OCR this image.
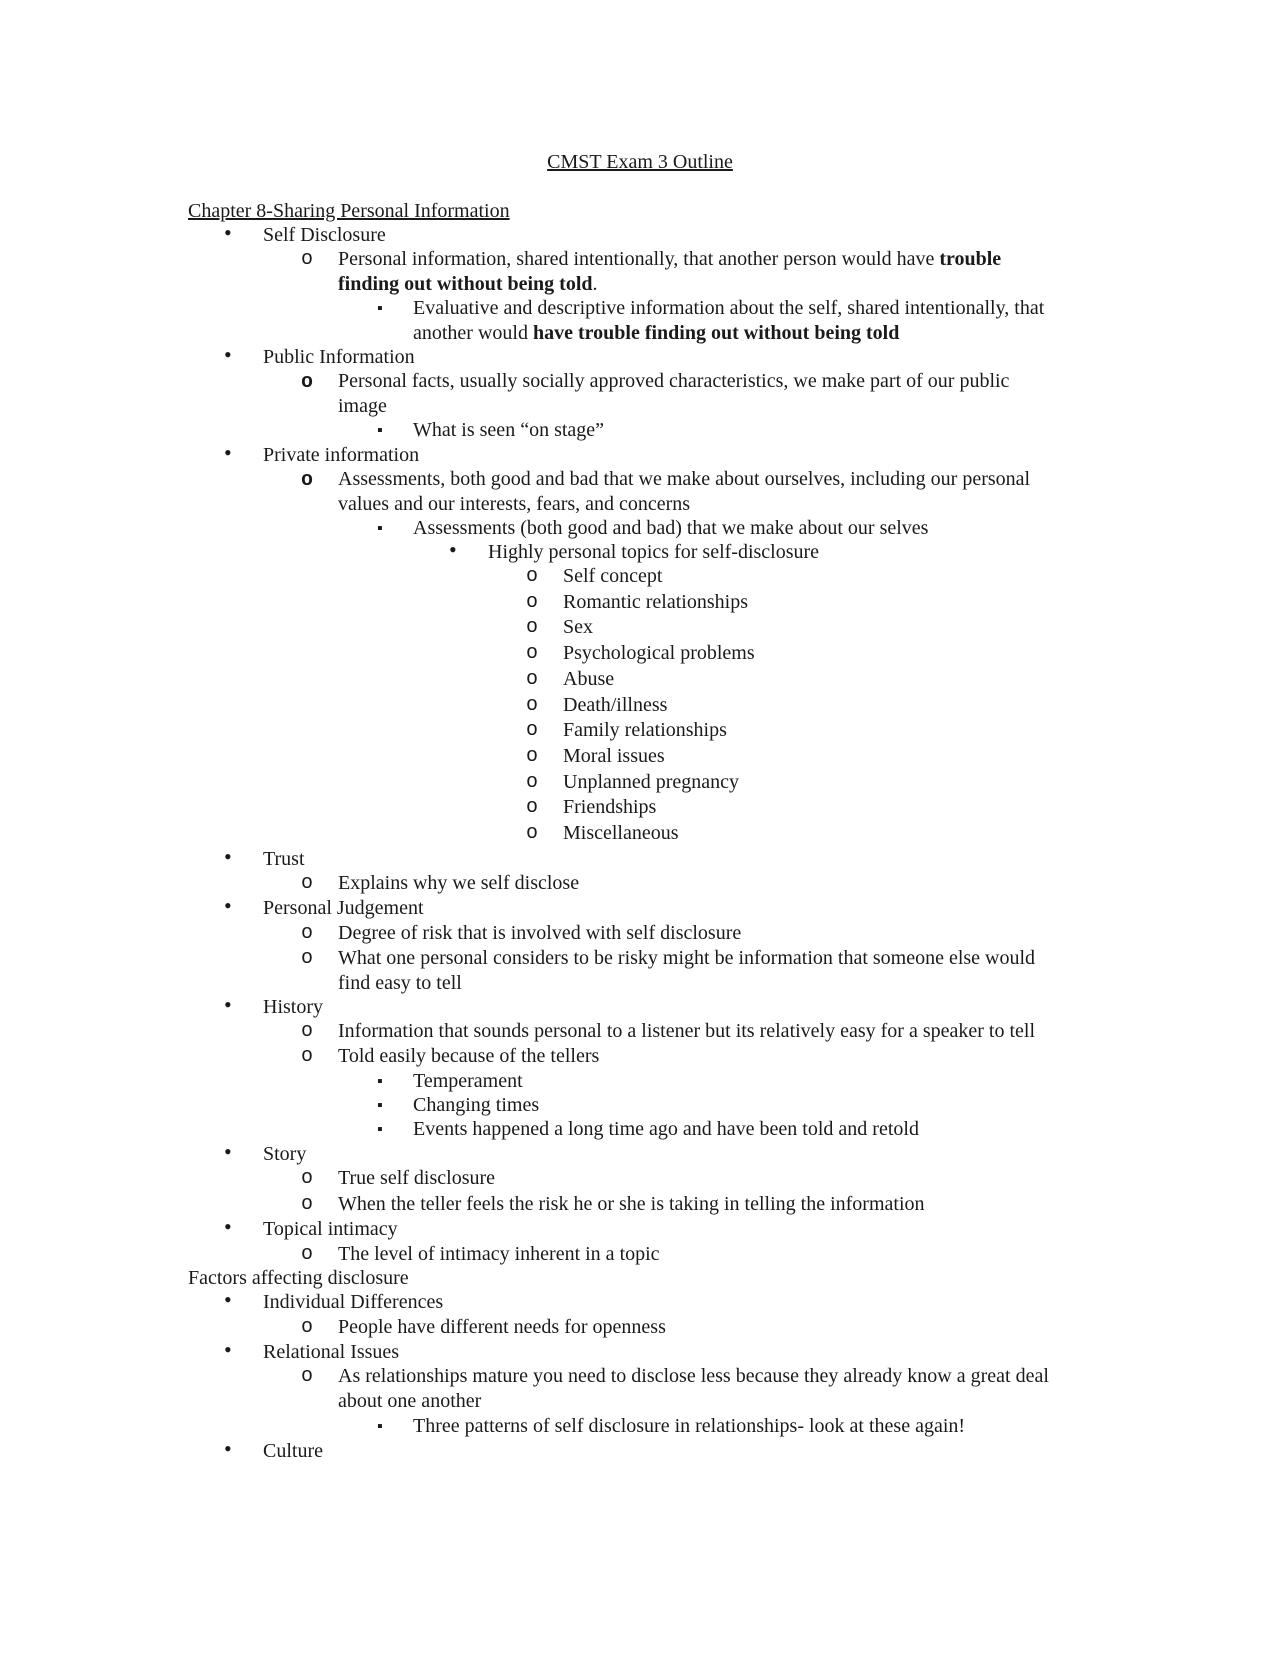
CMST Exam 3 Outline
Chapter 8-Sharing Personal Information
•
Self Disclosure
o
Personal information, shared intentionally, that another person would have trouble
finding out without being told.
▪
Evaluative and descriptive information about the self, shared intentionally, that
another would have trouble finding out without being told
•
Public Information
o
Personal facts, usually socially approved characteristics, we make part of our public
image
▪
What is seen “on stage”
•
Private information
o
Assessments, both good and bad that we make about ourselves, including our personal
values and our interests, fears, and concerns
▪
Assessments (both good and bad) that we make about our selves
•
Highly personal topics for self-disclosure
o
Self concept
o
Romantic relationships
o
Sex
o
Psychological problems
o
Abuse
o
Death/illness
o
Family relationships
o
Moral issues
o
Unplanned pregnancy
o
Friendships
o
Miscellaneous
•
Trust
o
Explains why we self disclose
•
Personal Judgement
o
Degree of risk that is involved with self disclosure
o
What one personal considers to be risky might be information that someone else would
find easy to tell
•
History
o
Information that sounds personal to a listener but its relatively easy for a speaker to tell
o
Told easily because of the tellers
▪
Temperament
▪
Changing times
▪
Events happened a long time ago and have been told and retold
•
Story
o
True self disclosure
o
When the teller feels the risk he or she is taking in telling the information
•
Topical intimacy
o
The level of intimacy inherent in a topic
Factors affecting disclosure
•
Individual Differences
o
People have different needs for openness
•
Relational Issues
o
As relationships mature you need to disclose less because they already know a great deal
about one another
▪
Three patterns of self disclosure in relationships- look at these again!
•
Culture
